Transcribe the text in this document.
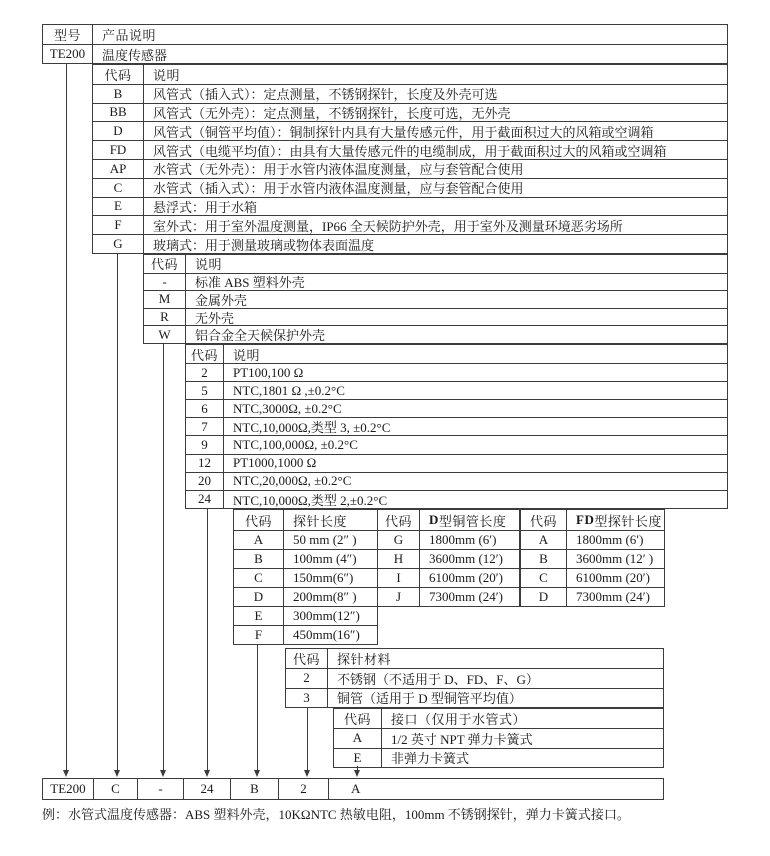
型号	产品说明
TE200	温度传感器
代码	说明
B	风管式（插入式）：定点测量，不锈钢探针，长度及外壳可选
BB	风管式（无外壳）：定点测量，不锈钢探针，长度可选，无外壳
D	风管式（铜管平均值）：铜制探针内具有大量传感元件，用于截面积过大的风箱或空调箱
FD	风管式（电缆平均值）：由具有大量传感元件的电缆制成，用于截面积过大的风箱或空调箱
AP	水管式（无外壳）：用于水管内液体温度测量，应与套管配合使用
C	水管式（插入式）：用于水管内液体温度测量，应与套管配合使用
E	悬浮式：用于水箱
F	室外式：用于室外温度测量，IP66 全天候防护外壳，用于室外及测量环境恶劣场所
G	玻璃式：用于测量玻璃或物体表面温度
代码	说明
-	标准 ABS 塑料外壳
M	金属外壳
R	无外壳
W	铝合金全天候保护外壳
代码	说明
2	PT100,100 Ω
5	NTC,1801 Ω ,±0.2°C
6	NTC,3000Ω, ±0.2°C
7	NTC,10,000Ω,类型 3, ±0.2°C
9	NTC,100,000Ω, ±0.2°C
12	PT1000,1000 Ω
20	NTC,20,000Ω, ±0.2°C
24	NTC,10,000Ω,类型 2,±0.2°C
代码	探针长度
A	50 mm (2″ )
B	100mm (4″)
C	150mm(6″)
D	200mm(8″ )
E	300mm(12″)
F	450mm(16″)
代码	D 型铜管长度
G	1800mm (6′)
H	3600mm (12′)
I	6100mm (20′)
J	7300mm (24′)
代码	FD 型探针长度
A	1800mm (6′)
B	3600mm (12′ )
C	6100mm (20′)
D	7300mm (24′)
代码	探针材料
2	不锈钢（不适用于 D、FD、F、G）
3	铜管（适用于 D 型铜管平均值）
代码	接口（仅用于水管式）
A	1/2 英寸 NPT 弹力卡簧式
E	非弹力卡簧式
TE200	C	-	24	B	2	A
例：水管式温度传感器：ABS 塑料外壳，10KΩNTC 热敏电阻，100mm 不锈钢探针，弹力卡簧式接口。
